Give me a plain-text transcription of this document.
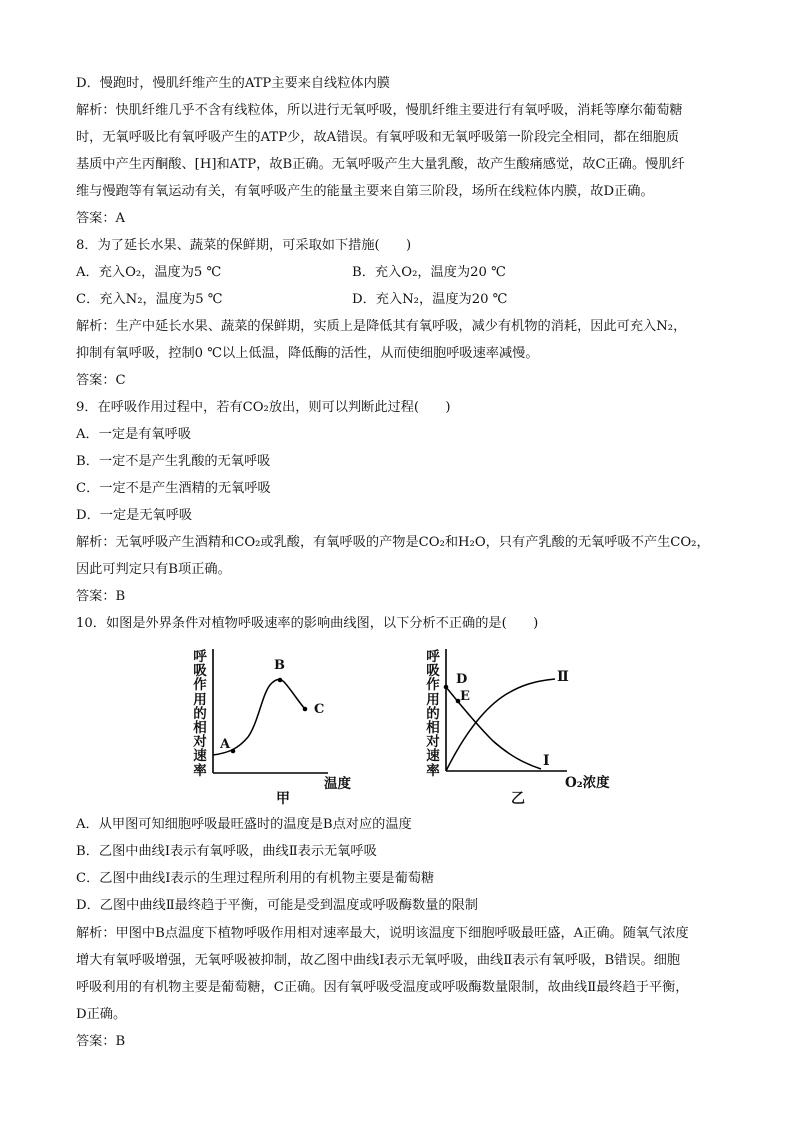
D．慢跑时，慢肌纤维产生的ATP主要来自线粒体内膜
解析：快肌纤维几乎不含有线粒体，所以进行无氧呼吸，慢肌纤维主要进行有氧呼吸，消耗等摩尔葡萄糖
时，无氧呼吸比有氧呼吸产生的ATP少，故A错误。有氧呼吸和无氧呼吸第一阶段完全相同，都在细胞质
基质中产生丙酮酸、[H]和ATP，故B正确。无氧呼吸产生大量乳酸，故产生酸痛感觉，故C正确。慢肌纤
维与慢跑等有氧运动有关，有氧呼吸产生的能量主要来自第三阶段，场所在线粒体内膜，故D正确。
答案：A
8．为了延长水果、蔬菜的保鲜期，可采取如下措施(　　)
A．充入O₂，温度为5 ℃	B．充入O₂，温度为20 ℃
C．充入N₂，温度为5 ℃	D．充入N₂，温度为20 ℃
解析：生产中延长水果、蔬菜的保鲜期，实质上是降低其有氧呼吸，减少有机物的消耗，因此可充入N₂，
抑制有氧呼吸，控制0 ℃以上低温，降低酶的活性，从而使细胞呼吸速率减慢。
答案：C
9．在呼吸作用过程中，若有CO₂放出，则可以判断此过程(　　)
A．一定是有氧呼吸
B．一定不是产生乳酸的无氧呼吸
C．一定不是产生酒精的无氧呼吸
D．一定是无氧呼吸
解析：无氧呼吸产生酒精和CO₂或乳酸，有氧呼吸的产物是CO₂和H₂O，只有产乳酸的无氧呼吸不产生CO₂，
因此可判定只有B项正确。
答案：B
10．如图是外界条件对植物呼吸速率的影响曲线图，以下分析不正确的是(　　)
呼吸作用的相对速率
A
B
C
温度
甲
呼吸作用的相对速率
D
E
Ⅱ
Ⅰ
O₂浓度
乙
A．从甲图可知细胞呼吸最旺盛时的温度是B点对应的温度
B．乙图中曲线Ⅰ表示有氧呼吸，曲线Ⅱ表示无氧呼吸
C．乙图中曲线Ⅰ表示的生理过程所利用的有机物主要是葡萄糖
D．乙图中曲线Ⅱ最终趋于平衡，可能是受到温度或呼吸酶数量的限制
解析：甲图中B点温度下植物呼吸作用相对速率最大，说明该温度下细胞呼吸最旺盛，A正确。随氧气浓度
增大有氧呼吸增强，无氧呼吸被抑制，故乙图中曲线Ⅰ表示无氧呼吸，曲线Ⅱ表示有氧呼吸，B错误。细胞
呼吸利用的有机物主要是葡萄糖，C正确。因有氧呼吸受温度或呼吸酶数量限制，故曲线Ⅱ最终趋于平衡，
D正确。
答案：B
